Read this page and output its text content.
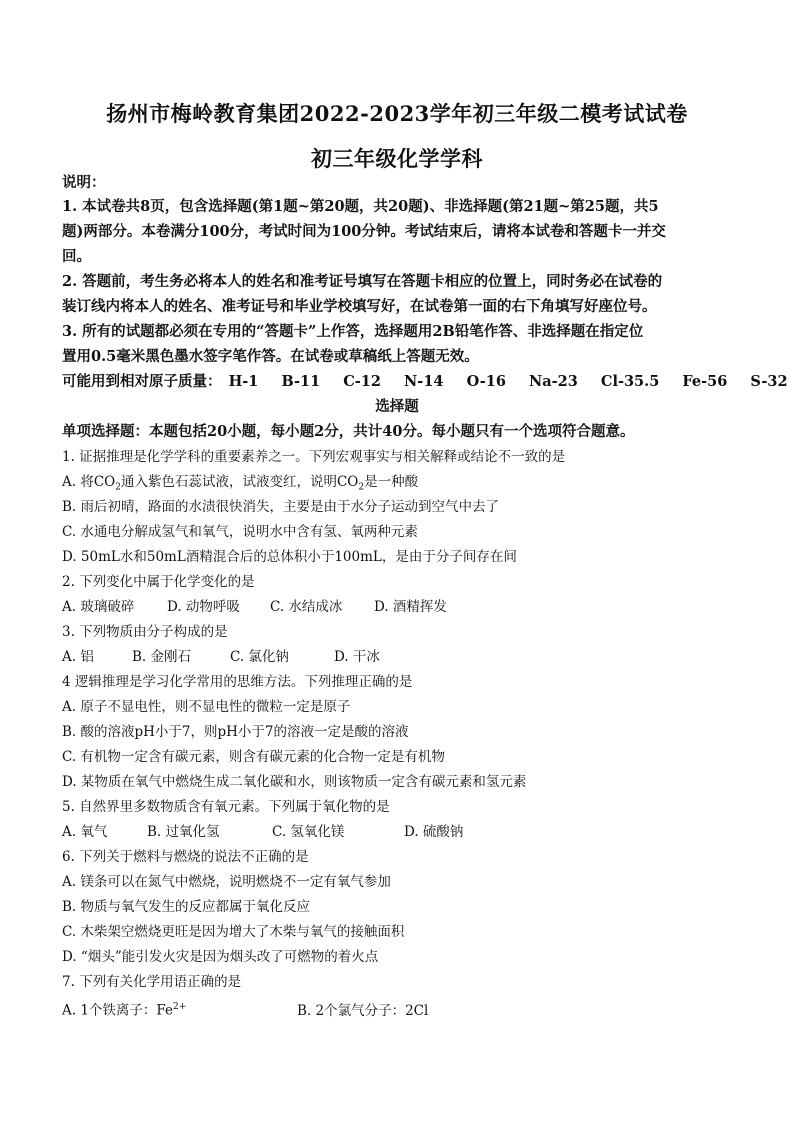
扬州市梅岭教育集团2022-2023学年初三年级二模考试试卷
初三年级化学学科
说明：
1. 本试卷共8页，包含选择题(第1题~第20题，共20题)、非选择题(第21题~第25题，共5
题)两部分。本卷满分100分，考试时间为100分钟。考试结束后，请将本试卷和答题卡一并交
回。
2. 答题前，考生务必将本人的姓名和准考证号填写在答题卡相应的位置上，同时务必在试卷的
装订线内将本人的姓名、准考证号和毕业学校填写好，在试卷第一面的右下角填写好座位号。
3. 所有的试题都必须在专用的“答题卡”上作答，选择题用2B铅笔作答、非选择题在指定位
置用0.5毫米黑色墨水签字笔作答。在试卷或草稿纸上答题无效。
可能用到相对原子质量： H-1 B-11 C-12 N-14 O-16 Na-23 Cl-35.5 Fe-56 S-32
选择题
单项选择题：本题包括20小题，每小题2分，共计40分。每小题只有一个选项符合题意。
1. 证据推理是化学学科的重要素养之一。下列宏观事实与相关解释或结论不一致的是
A. 将$CO_2$通入紫色石蕊试液，试液变红，说明$CO_2$是一种酸
B. 雨后初晴，路面的水渍很快消失，主要是由于水分子运动到空气中去了
C. 水通电分解成氢气和氧气，说明水中含有氢、氧两种元素
D. 50mL水和50mL酒精混合后的总体积小于100mL，是由于分子间存在间
2. 下列变化中属于化学变化的是
A. 玻璃破碎 D. 动物呼吸 C. 水结成冰 D. 酒精挥发
3. 下列物质由分子构成的是
A. 铝	B. 金刚石	C. 氯化钠	D. 干冰
4 逻辑推理是学习化学常用的思维方法。下列推理正确的是
A. 原子不显电性，则不显电性的微粒一定是原子
B. 酸的溶液pH小于7，则pH小于7的溶液一定是酸的溶液
C. 有机物一定含有碳元素，则含有碳元素的化合物一定是有机物
D. 某物质在氧气中燃烧生成二氧化碳和水，则该物质一定含有碳元素和氢元素
5. 自然界里多数物质含有氧元素。下列属于氧化物的是
A. 氧气	B. 过氧化氢	C. 氢氧化镁	D. 硫酸钠
6. 下列关于燃料与燃烧的说法不正确的是
A. 镁条可以在氮气中燃烧，说明燃烧不一定有氧气参加
B. 物质与氧气发生的反应都属于氧化反应
C. 木柴架空燃烧更旺是因为增大了木柴与氧气的接触面积
D. “烟头”能引发火灾是因为烟头改了可燃物的着火点
7. 下列有关化学用语正确的是
A. 1个铁离子：$Fe^{2+}$	B. 2个氯气分子：2Cl
